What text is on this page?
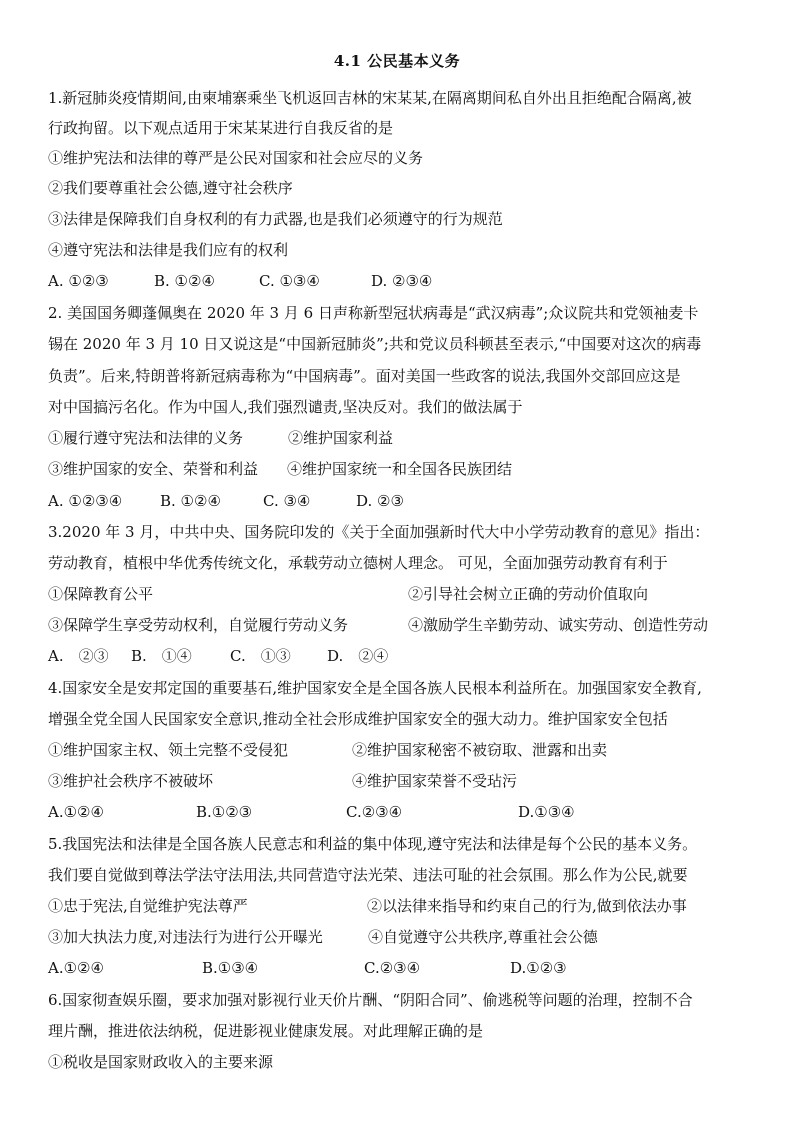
4.1 公民基本义务
1.新冠肺炎疫情期间,由柬埔寨乘坐飞机返回吉林的宋某某,在隔离期间私自外出且拒绝配合隔离,被
行政拘留。以下观点适用于宋某某进行自我反省的是
①维护宪法和法律的尊严是公民对国家和社会应尽的义务
②我们要尊重社会公德,遵守社会秩序
③法律是保障我们自身权利的有力武器,也是我们必须遵守的行为规范
④遵守宪法和法律是我们应有的权利
A. ①②③	B. ①②④	C. ①③④	D. ②③④
2. 美国国务卿蓬佩奥在 2020 年 3 月 6 日声称新型冠状病毒是“武汉病毒”;众议院共和党领袖麦卡
锡在 2020 年 3 月 10 日又说这是“中国新冠肺炎”;共和党议员科顿甚至表示,“中国要对这次的病毒
负责”。后来,特朗普将新冠病毒称为“中国病毒”。面对美国一些政客的说法,我国外交部回应这是
对中国搞污名化。作为中国人,我们强烈谴责,坚决反对。我们的做法属于
①履行遵守宪法和法律的义务	②维护国家利益
③维护国家的安全、荣誉和利益 ④维护国家统一和全国各民族团结
A. ①②③④	B. ①②④	C. ③④	D. ②③
3.2020 年 3 月，中共中央、国务院印发的《关于全面加强新时代大中小学劳动教育的意见》指出：
劳动教育，植根中华优秀传统文化，承载劳动立德树人理念。 可见，全面加强劳动教育有利于
①保障教育公平	②引导社会树立正确的劳动价值取向
③保障学生享受劳动权利，自觉履行劳动义务	④激励学生辛勤劳动、诚实劳动、创造性劳动
A.　②③ B.　①④	C.　①③ D.　②④
4.国家安全是安邦定国的重要基石,维护国家安全是全国各族人民根本利益所在。加强国家安全教育,
增强全党全国人民国家安全意识,推动全社会形成维护国家安全的强大动力。维护国家安全包括
①维护国家主权、领土完整不受侵犯	②维护国家秘密不被窃取、泄露和出卖
③维护社会秩序不被破坏	④维护国家荣誉不受玷污
A.①②④	B.①②③	C.②③④	D.①③④
5.我国宪法和法律是全国各族人民意志和利益的集中体现,遵守宪法和法律是每个公民的基本义务。
我们要自觉做到尊法学法守法用法,共同营造守法光荣、违法可耻的社会氛围。那么作为公民,就要
①忠于宪法,自觉维护宪法尊严	②以法律来指导和约束自己的行为,做到依法办事
③加大执法力度,对违法行为进行公开曝光	④自觉遵守公共秩序,尊重社会公德
A.①②④	B.①③④	C.②③④	D.①②③
6.国家彻查娱乐圈，要求加强对影视行业天价片酬、“阴阳合同”、偷逃税等问题的治理，控制不合
理片酬，推进依法纳税，促进影视业健康发展。对此理解正确的是
①税收是国家财政收入的主要来源
